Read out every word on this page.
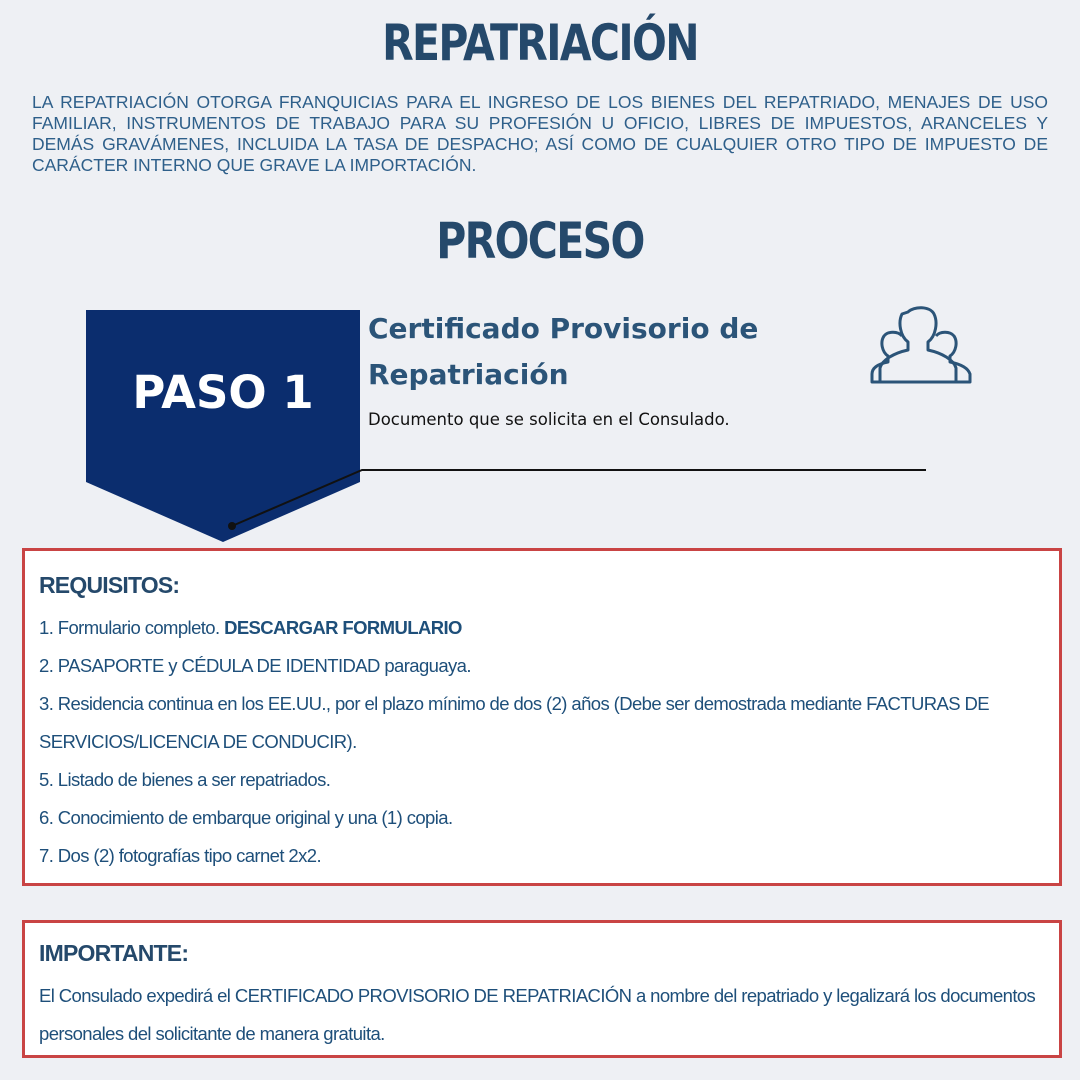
REPATRIACIÓN

LA REPATRIACIÓN OTORGA FRANQUICIAS PARA EL INGRESO DE LOS BIENES DEL REPATRIADO, MENAJES DE USO FAMILIAR, INSTRUMENTOS DE TRABAJO PARA SU PROFESIÓN U OFICIO, LIBRES DE IMPUESTOS, ARANCELES Y DEMÁS GRAVÁMENES, INCLUIDA LA TASA DE DESPACHO; ASÍ COMO DE CUALQUIER OTRO TIPO DE IMPUESTO DE CARÁCTER INTERNO QUE GRAVE LA IMPORTACIÓN.

PROCESO
PASO 1
Certificado Provisorio de Repatriación
Documento que se solicita en el Consulado.
REQUISITOS:
1. Formulario completo. DESCARGAR FORMULARIO
2. PASAPORTE y CÉDULA DE IDENTIDAD paraguaya.
3. Residencia continua en los EE.UU., por el plazo mínimo de dos (2) años (Debe ser demostrada mediante FACTURAS DE SERVICIOS/LICENCIA DE CONDUCIR).
5. Listado de bienes a ser repatriados.
6. Conocimiento de embarque original y una (1) copia.
7. Dos (2) fotografías tipo carnet 2x2.
IMPORTANTE:

El Consulado expedirá el CERTIFICADO PROVISORIO DE REPATRIACIÓN a nombre del repatriado y legalizará los documentos personales del solicitante de manera gratuita.
